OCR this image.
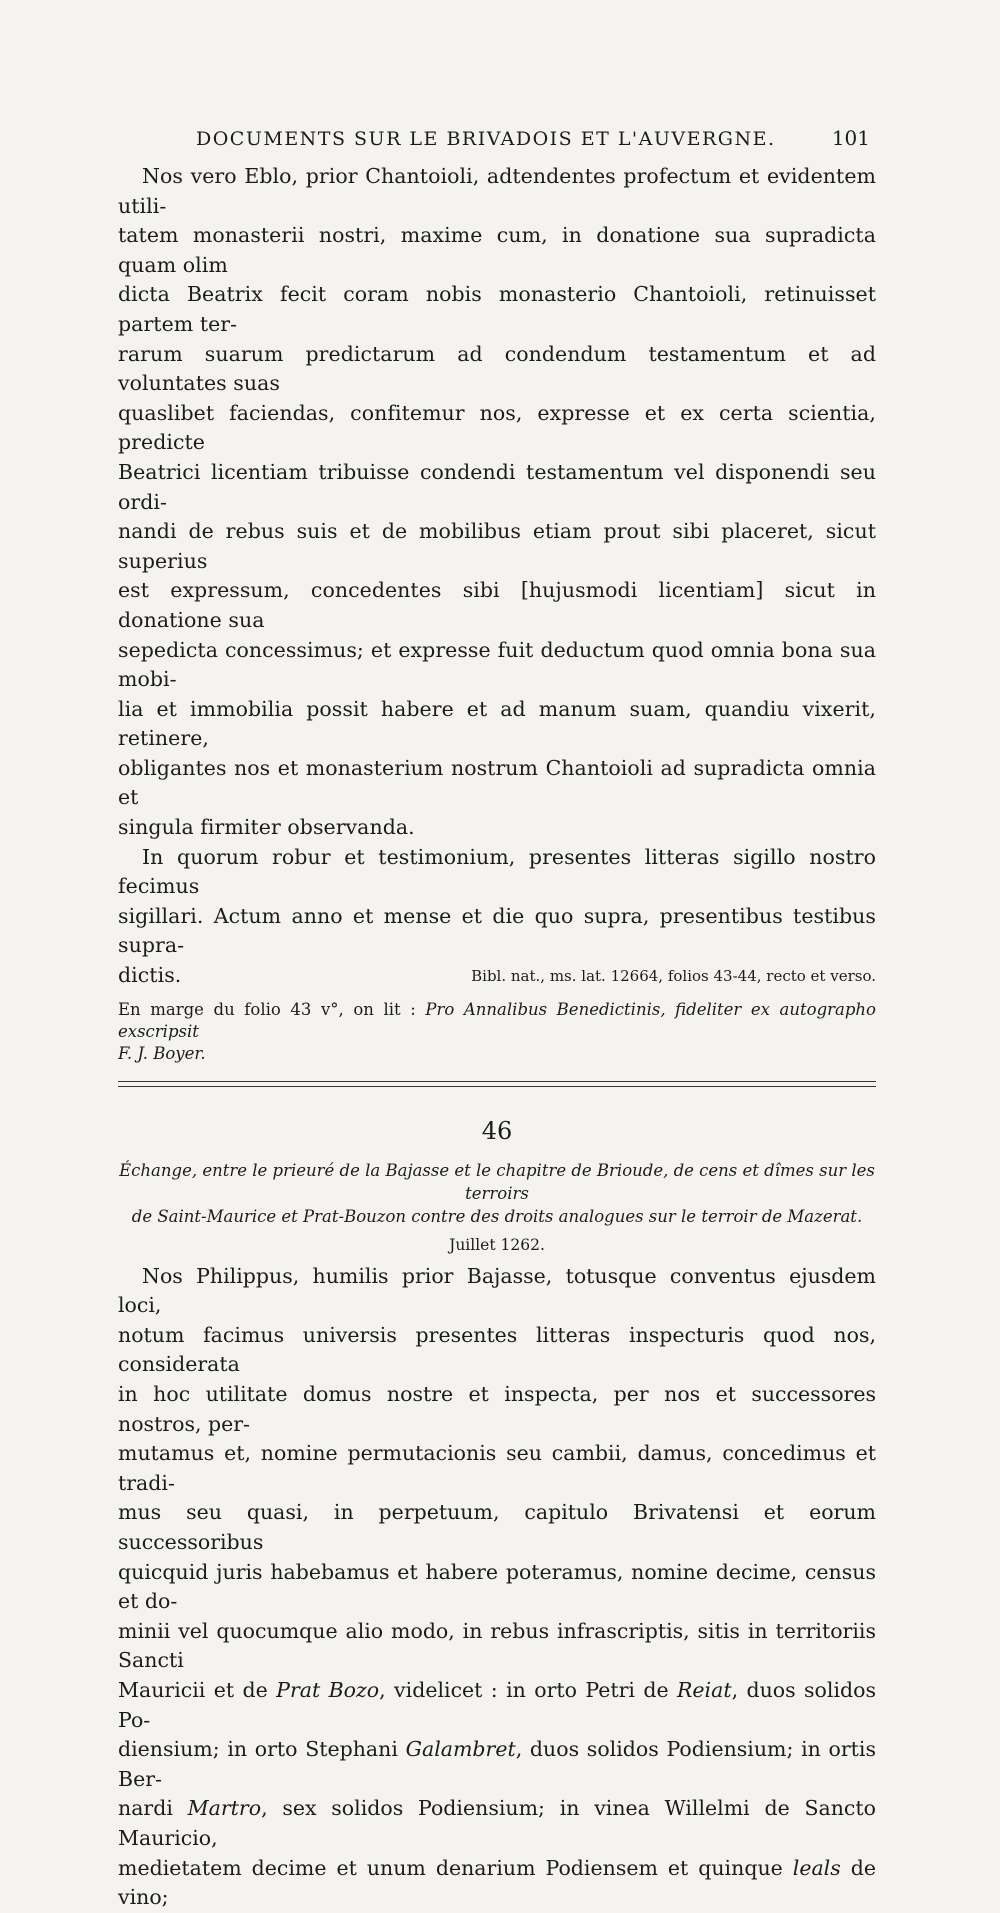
DOCUMENTS SUR LE BRIVADOIS ET L'AUVERGNE.	101

Nos vero Eblo, prior Chantoioli, adtendentes profectum et evidentem utili-

tatem monasterii nostri, maxime cum, in donatione sua supradicta quam olim

dicta Beatrix fecit coram nobis monasterio Chantoioli, retinuisset partem ter-

rarum suarum predictarum ad condendum testamentum et ad voluntates suas

quaslibet faciendas, confitemur nos, expresse et ex certa scientia, predicte

Beatrici licentiam tribuisse condendi testamentum vel disponendi seu ordi-

nandi de rebus suis et de mobilibus etiam prout sibi placeret, sicut superius

est expressum, concedentes sibi [hujusmodi licentiam] sicut in donatione sua

sepedicta concessimus; et expresse fuit deductum quod omnia bona sua mobi-

lia et immobilia possit habere et ad manum suam, quandiu vixerit, retinere,

obligantes nos et monasterium nostrum Chantoioli ad supradicta omnia et

singula firmiter observanda.

In quorum robur et testimonium, presentes litteras sigillo nostro fecimus

sigillari. Actum anno et mense et die quo supra, presentibus testibus supra-

dictis.	Bibl. nat., ms. lat. 12664, folios 43-44, recto et verso.
En marge du folio 43 v°, on lit : Pro Annalibus Benedictinis, fideliter ex autographo exscripsit
F. J. Boyer.
46
Échange, entre le prieuré de la Bajasse et le chapitre de Brioude, de cens et dîmes sur les terroirs
de Saint-Maurice et Prat-Bouzon contre des droits analogues sur le terroir de Mazerat.
Juillet 1262.

Nos Philippus, humilis prior Bajasse, totusque conventus ejusdem loci,

notum facimus universis presentes litteras inspecturis quod nos, considerata

in hoc utilitate domus nostre et inspecta, per nos et successores nostros, per-

mutamus et, nomine permutacionis seu cambii, damus, concedimus et tradi-

mus seu quasi, in perpetuum, capitulo Brivatensi et eorum successoribus

quicquid juris habebamus et habere poteramus, nomine decime, census et do-

minii vel quocumque alio modo, in rebus infrascriptis, sitis in territoriis Sancti

Mauricii et de Prat Bozo, videlicet : in orto Petri de Reiat, duos solidos Po-

diensium; in orto Stephani Galambret, duos solidos Podiensium; in ortis Ber-

nardi Martro, sex solidos Podiensium; in vinea Willelmi de Sancto Mauricio,

medietatem decime et unum denarium Podiensem et quinque leals de vino;
